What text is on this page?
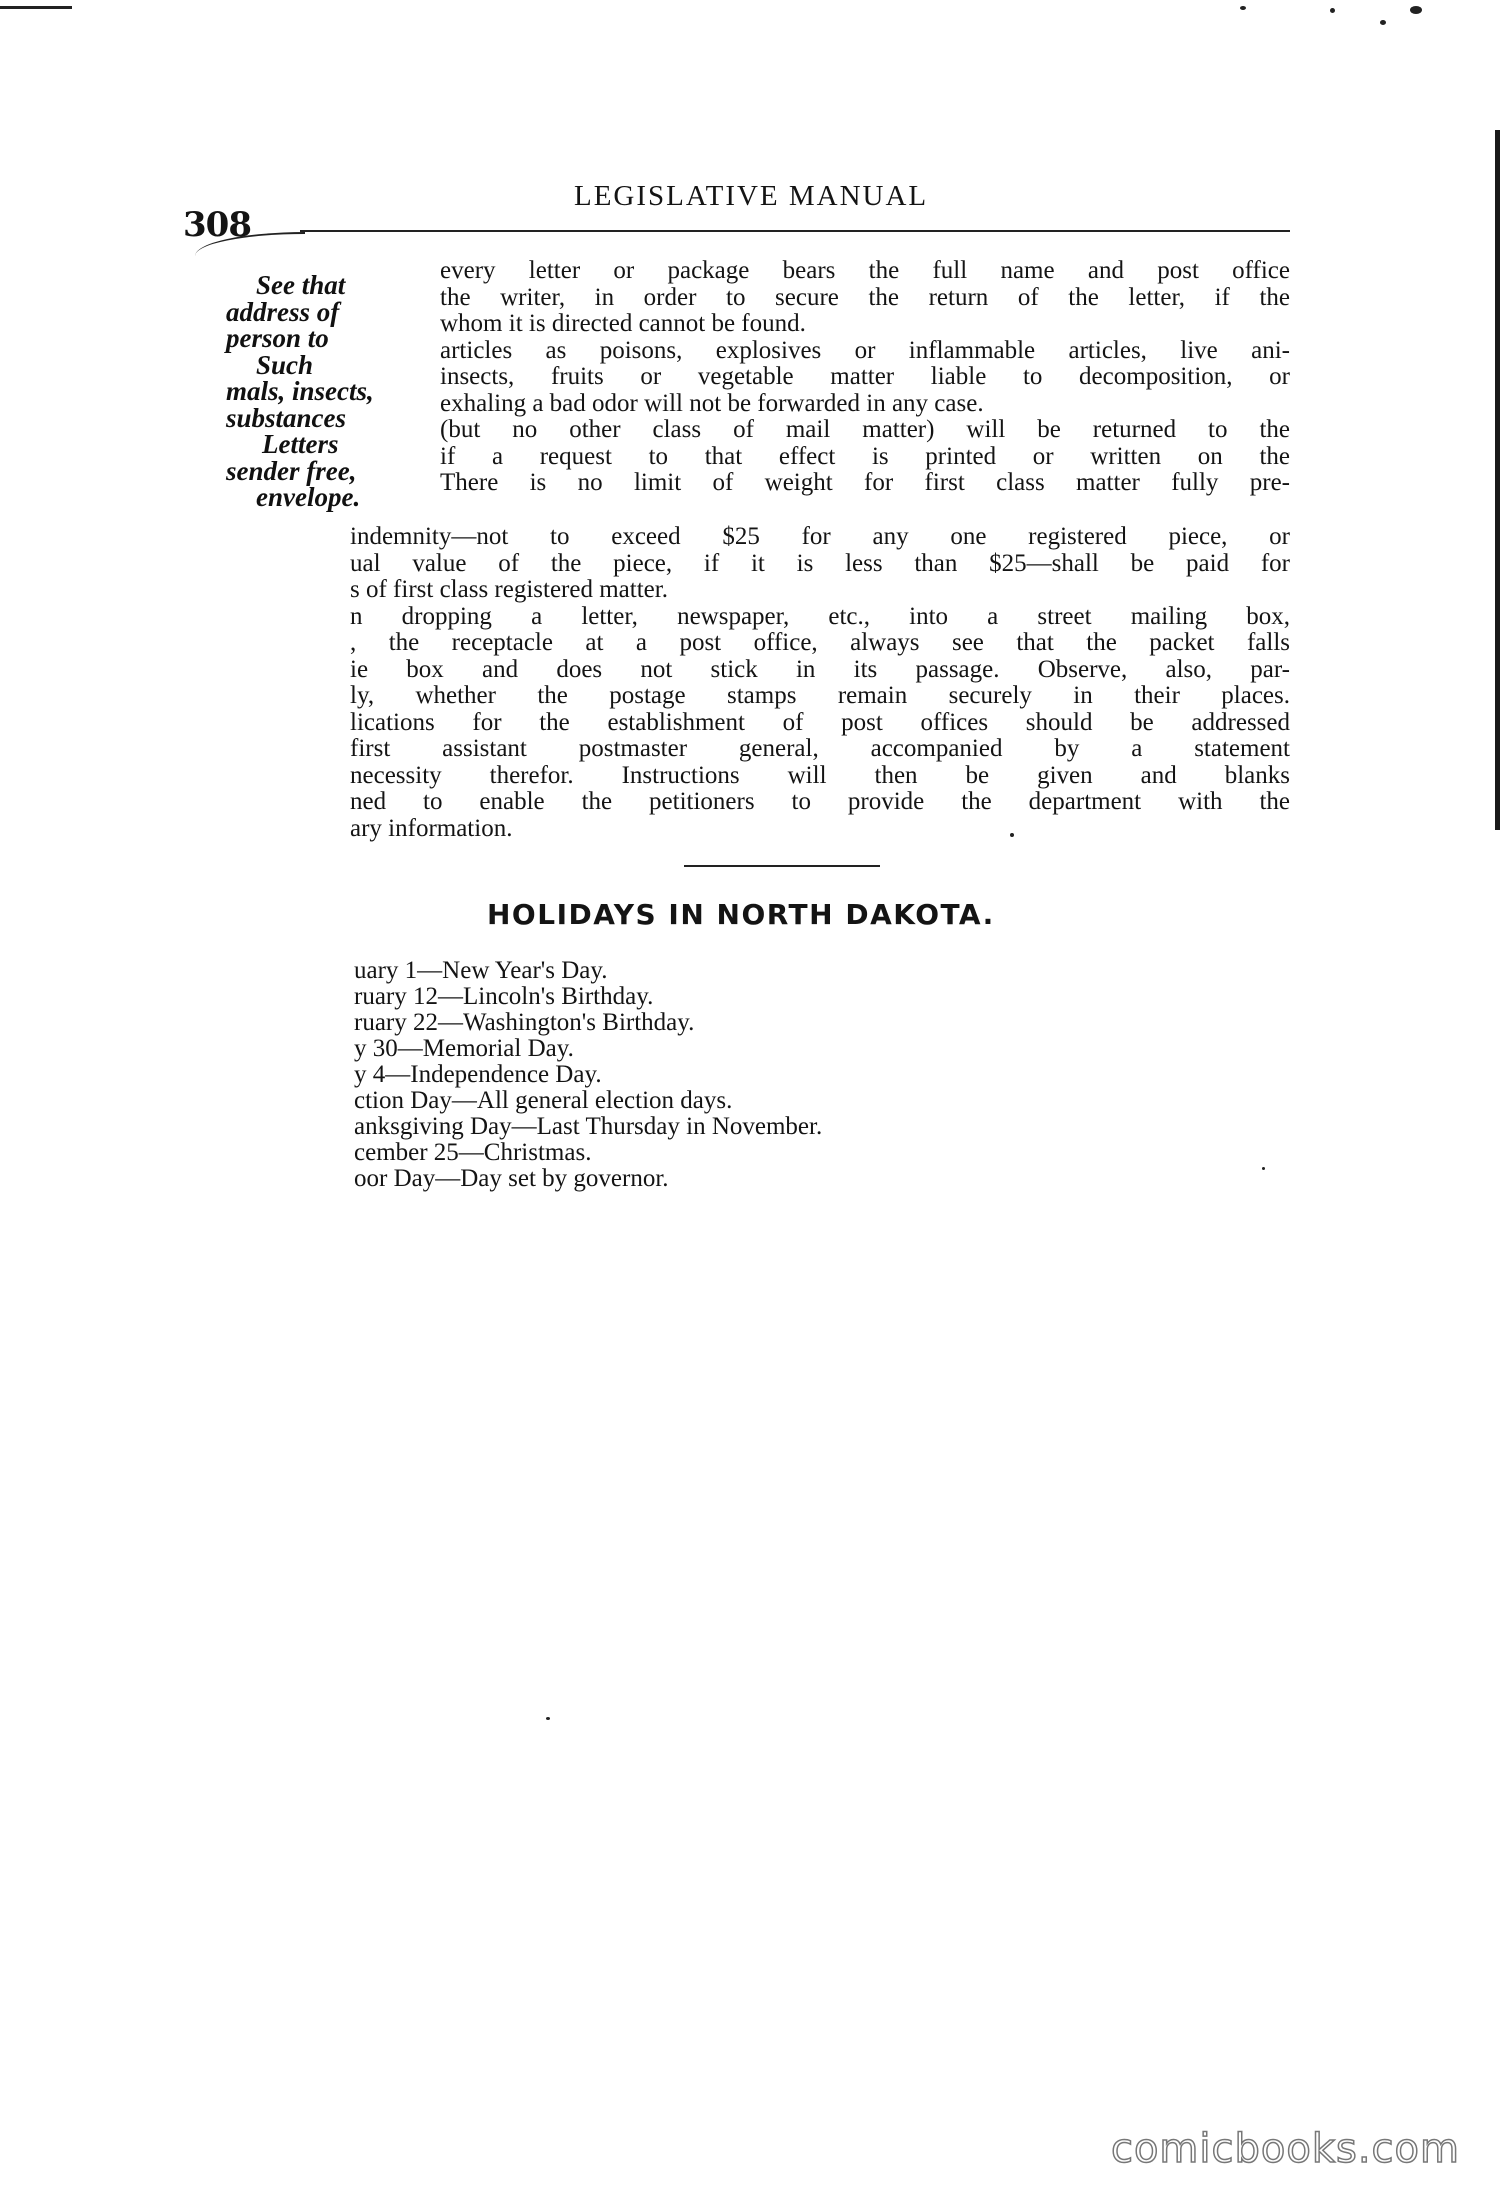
308
LEGISLATIVE MANUAL
See that
address of
person to
Such
mals, insects,
substances
Letters
sender free,
envelope.
every letter or package bears the full name and post office
the writer, in order to secure the return of the letter, if the
whom it is directed cannot be found.
articles as poisons, explosives or inflammable articles, live ani-
insects, fruits or vegetable matter liable to decomposition, or
exhaling a bad odor will not be forwarded in any case.
(but no other class of mail matter) will be returned to the
if a request to that effect is printed or written on the
There is no limit of weight for first class matter fully pre-
indemnity—not to exceed $25 for any one registered piece, or
ual value of the piece, if it is less than $25—shall be paid for
s of first class registered matter.
n dropping a letter, newspaper, etc., into a street mailing box,
, the receptacle at a post office, always see that the packet falls
ie box and does not stick in its passage. Observe, also, par-
ly, whether the postage stamps remain securely in their places.
lications for the establishment of post offices should be addressed
first assistant postmaster general, accompanied by a statement
necessity therefor. Instructions will then be given and blanks
ned to enable the petitioners to provide the department with the
ary information.
HOLIDAYS IN NORTH DAKOTA.
uary 1—New Year's Day.
ruary 12—Lincoln's Birthday.
ruary 22—Washington's Birthday.
y 30—Memorial Day.
y 4—Independence Day.
ction Day—All general election days.
anksgiving Day—Last Thursday in November.
cember 25—Christmas.
oor Day—Day set by governor.
comicbooks.com
